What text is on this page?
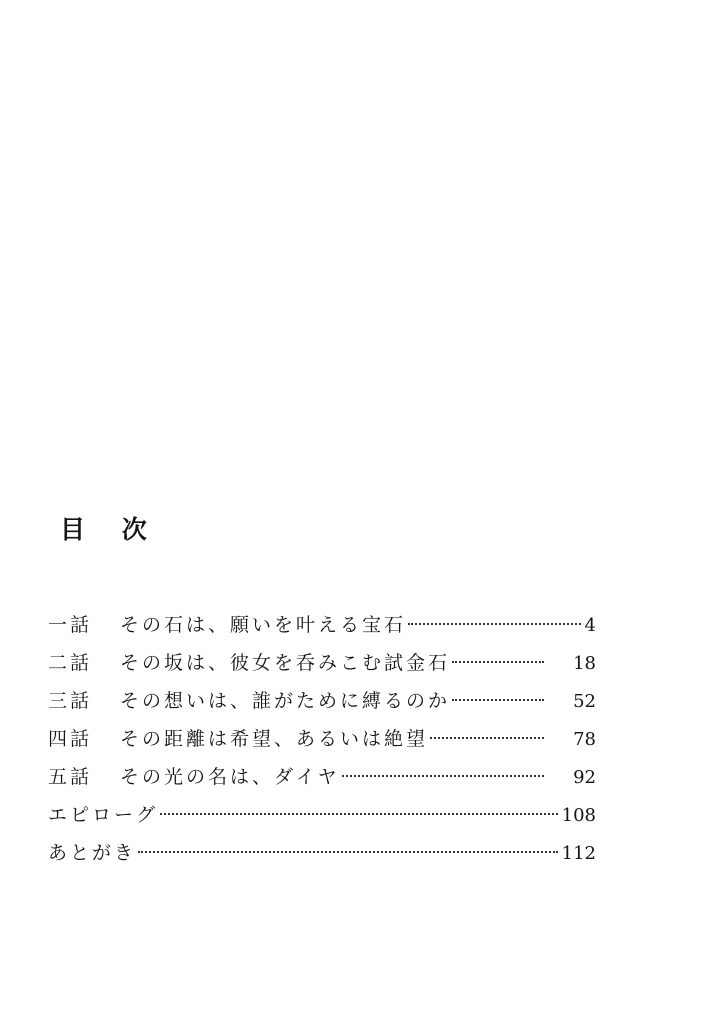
目 次
一話	その石は、願いを叶える宝石	4
二話	その坂は、彼女を呑みこむ試金石	18
三話	その想いは、誰がために縛るのか	52
四話	その距離は希望、あるいは絶望	78
五話	その光の名は、ダイヤ	92
エピローグ	108
あとがき	112
